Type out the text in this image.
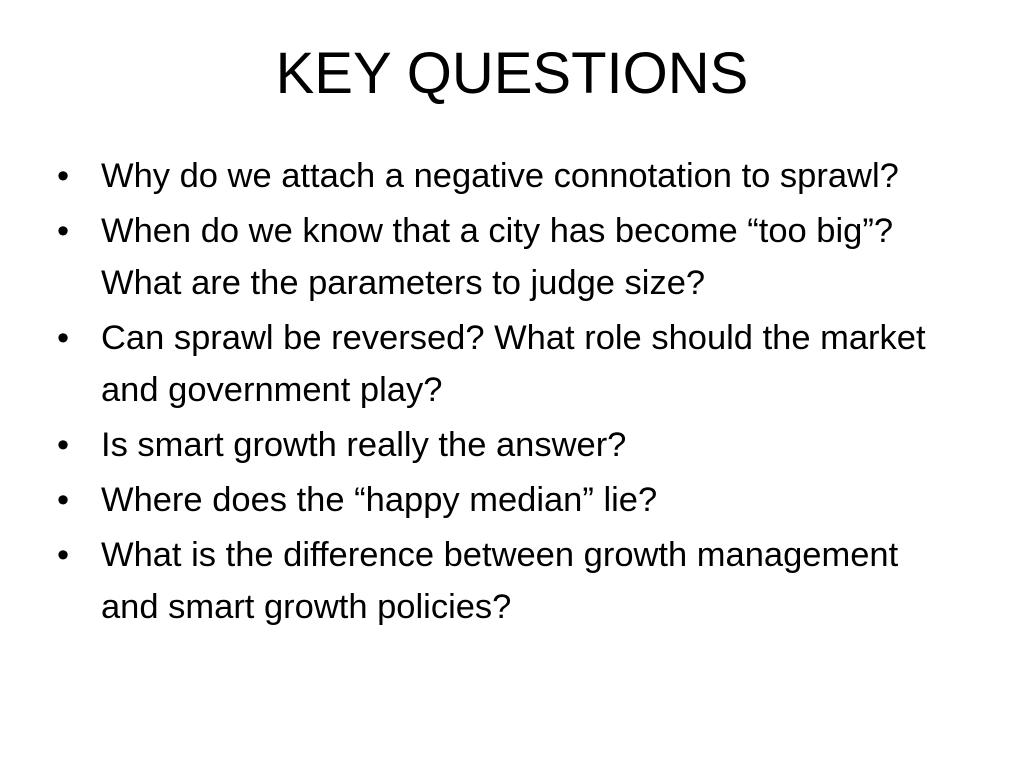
KEY QUESTIONS
• Why do we attach a negative connotation to sprawl?
• When do we know that a city has become “too big”?  What are the parameters to judge size?
• Can sprawl be reversed? What role should the market and government play?
• Is smart growth really the answer?
• Where does the “happy median” lie?
• What is the difference between growth management and smart growth policies?
